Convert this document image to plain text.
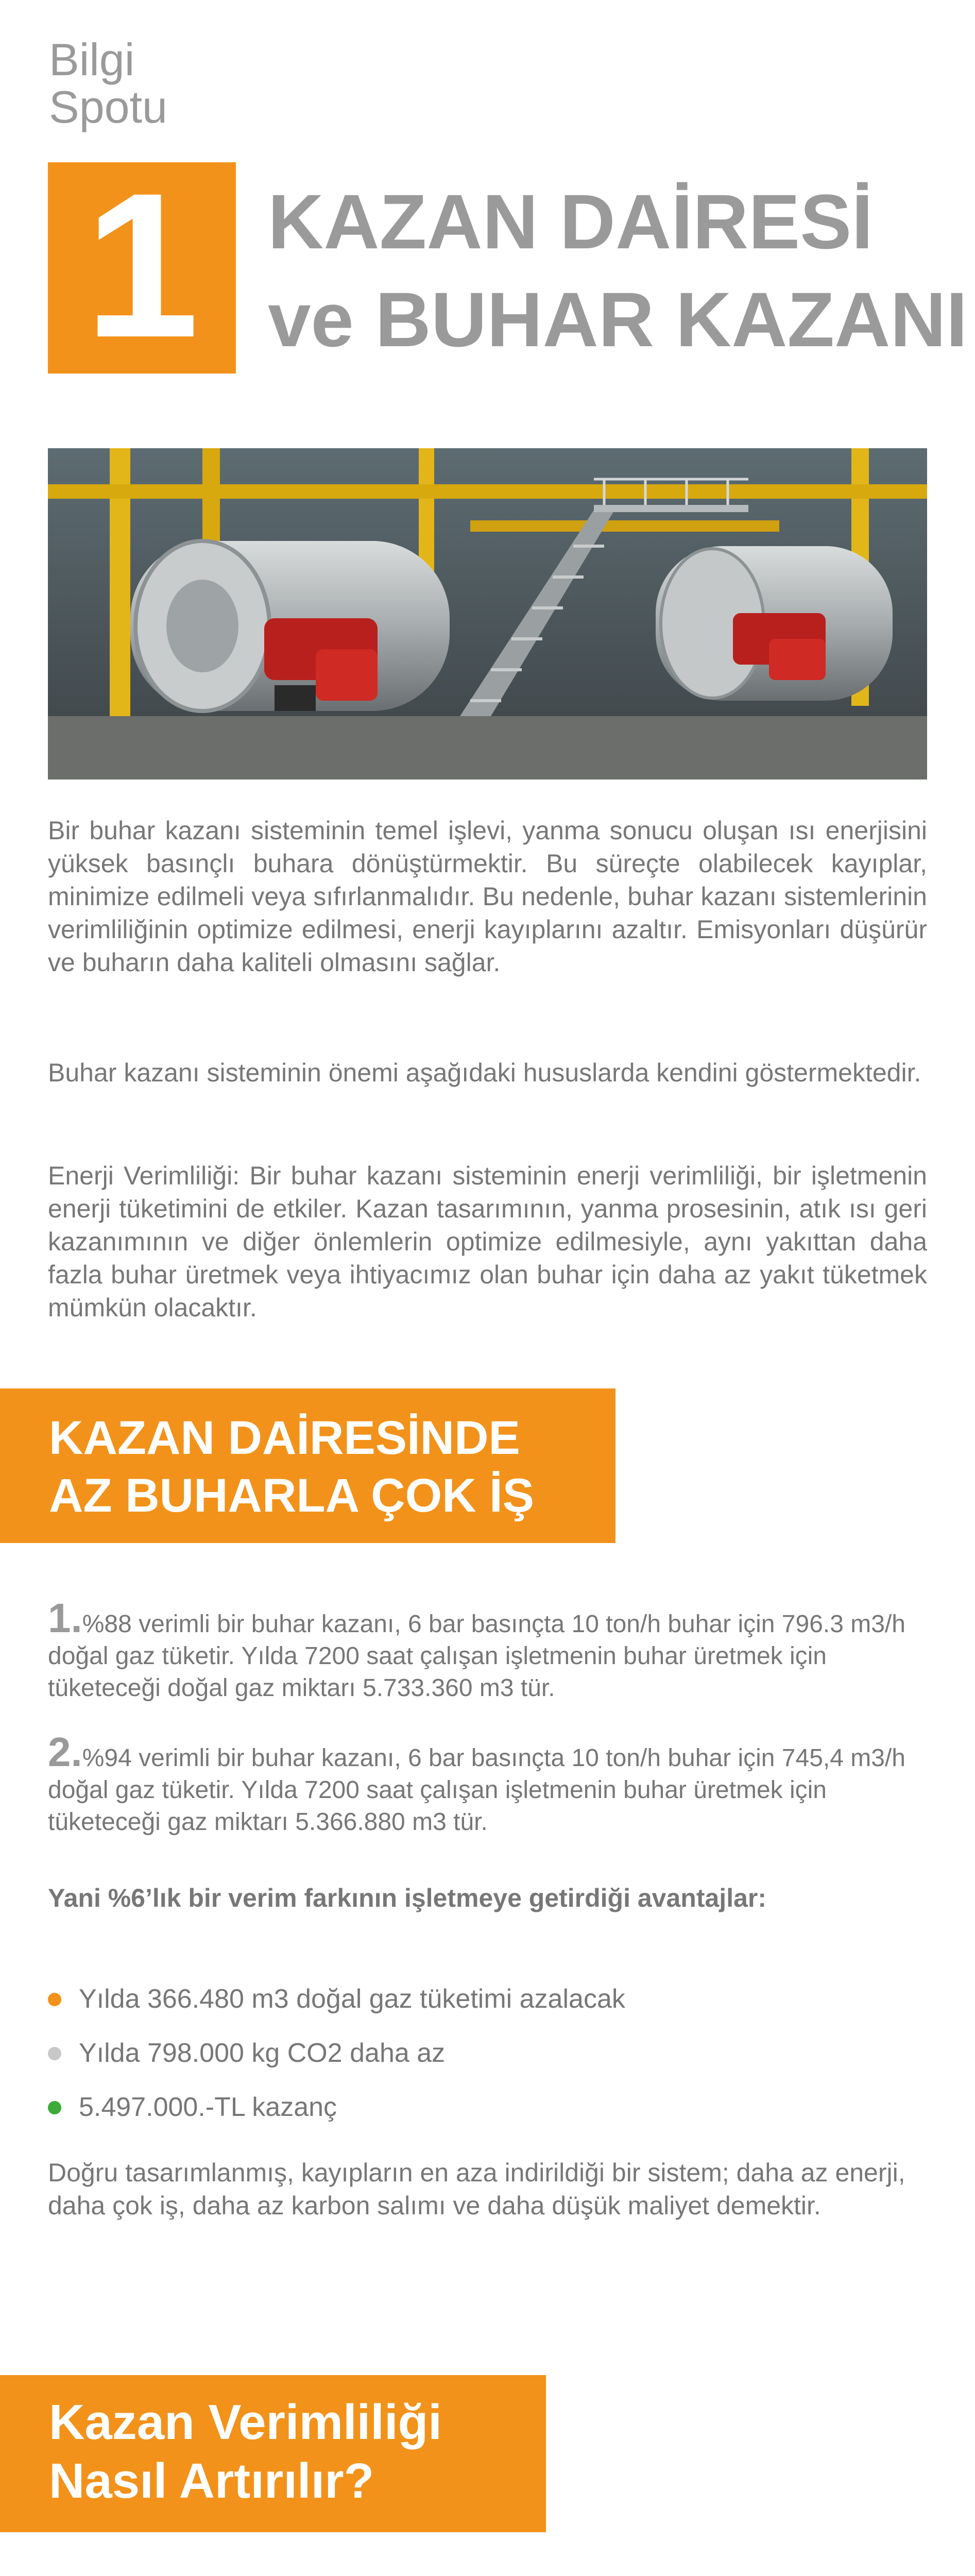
Bilgi
Spotu
1 KAZAN DAİRESİ
ve BUHAR KAZANI
Bir buhar kazanı sisteminin temel işlevi, yanma sonucu oluşan ısı enerjisini yüksek basınçlı buhara dönüştürmektir. Bu süreçte olabilecek kayıplar, minimize edilmeli veya sıfırlanmalıdır. Bu nedenle, buhar kazanı sistemlerinin verimliliğinin optimize edilmesi, enerji kayıplarını azaltır. Emisyonları düşürür ve buharın daha kaliteli olmasını sağlar.
Buhar kazanı sisteminin önemi aşağıdaki hususlarda kendini göstermektedir.
Enerji Verimliliği: Bir buhar kazanı sisteminin enerji verimliliği, bir işletmenin enerji tüketimini de etkiler. Kazan tasarımının, yanma prosesinin, atık ısı geri kazanımının ve diğer önlemlerin optimize edilmesiyle, aynı yakıttan daha fazla buhar üretmek veya ihtiyacımız olan buhar için daha az yakıt tüketmek mümkün olacaktır.
KAZAN DAİRESİNDE
AZ BUHARLA ÇOK İŞ
1.%88 verimli bir buhar kazanı, 6 bar basınçta 10 ton/h buhar için 796.3 m3/h doğal gaz tüketir. Yılda 7200 saat çalışan işletmenin buhar üretmek için tüketeceği doğal gaz miktarı 5.733.360 m3 tür.
2.%94 verimli bir buhar kazanı, 6 bar basınçta 10 ton/h buhar için 745,4 m3/h doğal gaz tüketir. Yılda 7200 saat çalışan işletmenin buhar üretmek için tüketeceği gaz miktarı 5.366.880 m3 tür.
Yani %6’lık bir verim farkının işletmeye getirdiği avantajlar:
Yılda 366.480 m3 doğal gaz tüketimi azalacak
Yılda 798.000 kg CO2 daha az
5.497.000.-TL kazanç
Doğru tasarımlanmış, kayıpların en aza indirildiği bir sistem; daha az enerji, daha çok iş, daha az karbon salımı ve daha düşük maliyet demektir.
Kazan Verimliliği
Nasıl Artırılır?
